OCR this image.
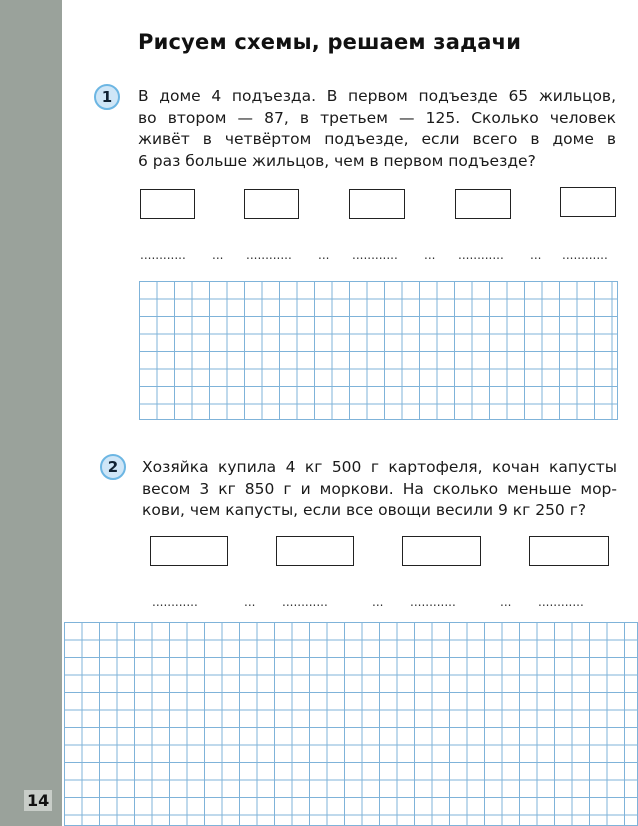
14
Рисуем схемы, решаем задачи
1	В доме 4 подъезда. В первом подъезде 65 жильцов,
во втором — 87, в третьем — 125. Сколько человек
живёт в четвёртом подъезде, если всего в доме в
6 раз больше жильцов, чем в первом подъезде?
............ ... ............ ... ............ ... ............ ... ............
2	Хозяйка купила 4 кг 500 г картофеля, кочан капусты
весом 3 кг 850 г и моркови. На сколько меньше мор-
кови, чем капусты, если все овощи весили 9 кг 250 г?
............	... ............	... ............	... ............
